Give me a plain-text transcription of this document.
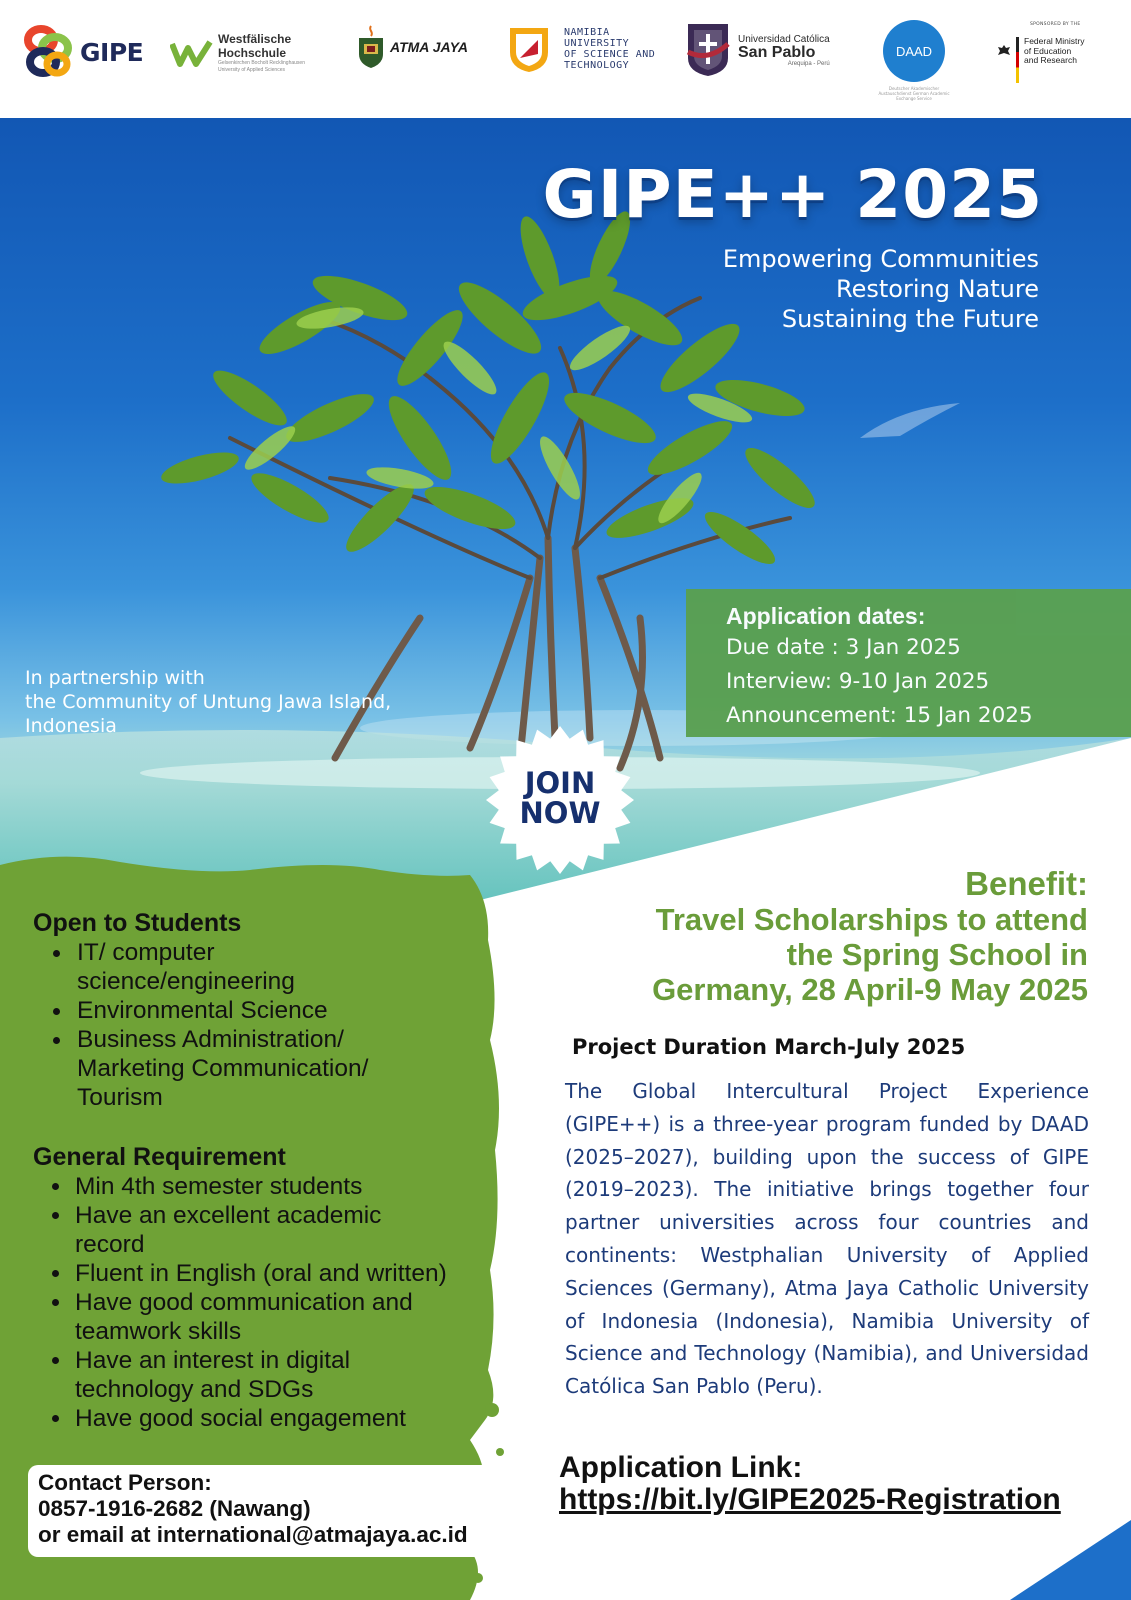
GIPE	Westfälische
Hochschule
Gelsenkirchen Bocholt Recklinghausen
University of Applied Sciences
ATMA JAYA
NAMIBIA
UNIVERSITY
OF SCIENCE AND
TECHNOLOGY
Universidad Católica
San Pablo
Arequipa - Perú
DAAD
Deutscher Akademischer Austauschdienst German Academic Exchange Service
SPONSORED BY THE
Federal Ministry
of Education
and Research
GIPE++ 2025
Empowering Communities
Restoring Nature
Sustaining the Future
In partnership with
the Community of Untung Jawa Island,
Indonesia
Application dates:
Due date : 3 Jan 2025
Interview: 9-10 Jan 2025
Announcement: 15 Jan 2025
JOIN
NOW
Open to Students
IT/ computer
science/engineering
Environmental Science
Business Administration/
Marketing Communication/
Tourism
General Requirement
Min 4th semester students
Have an excellent academic
record
Fluent in English (oral and written)
Have good communication and
teamwork skills
Have an interest in digital
technology and SDGs
Have good social engagement
Contact Person:
0857-1916-2682 (Nawang)
or email at international@atmajaya.ac.id
Benefit:
Travel Scholarships to attend
the Spring School in
Germany, 28 April-9 May 2025
Project Duration March-July 2025
The Global Intercultural Project Experience (GIPE++) is a three-year program funded by DAAD (2025–2027), building upon the success of GIPE (2019–2023). The initiative brings together four partner universities across four countries and continents: Westphalian University of Applied Sciences (Germany), Atma Jaya Catholic University of Indonesia (Indonesia), Namibia University of Science and Technology (Namibia), and Universidad Católica San Pablo (Peru).
Application Link:
https://bit.ly/GIPE2025-Registration
